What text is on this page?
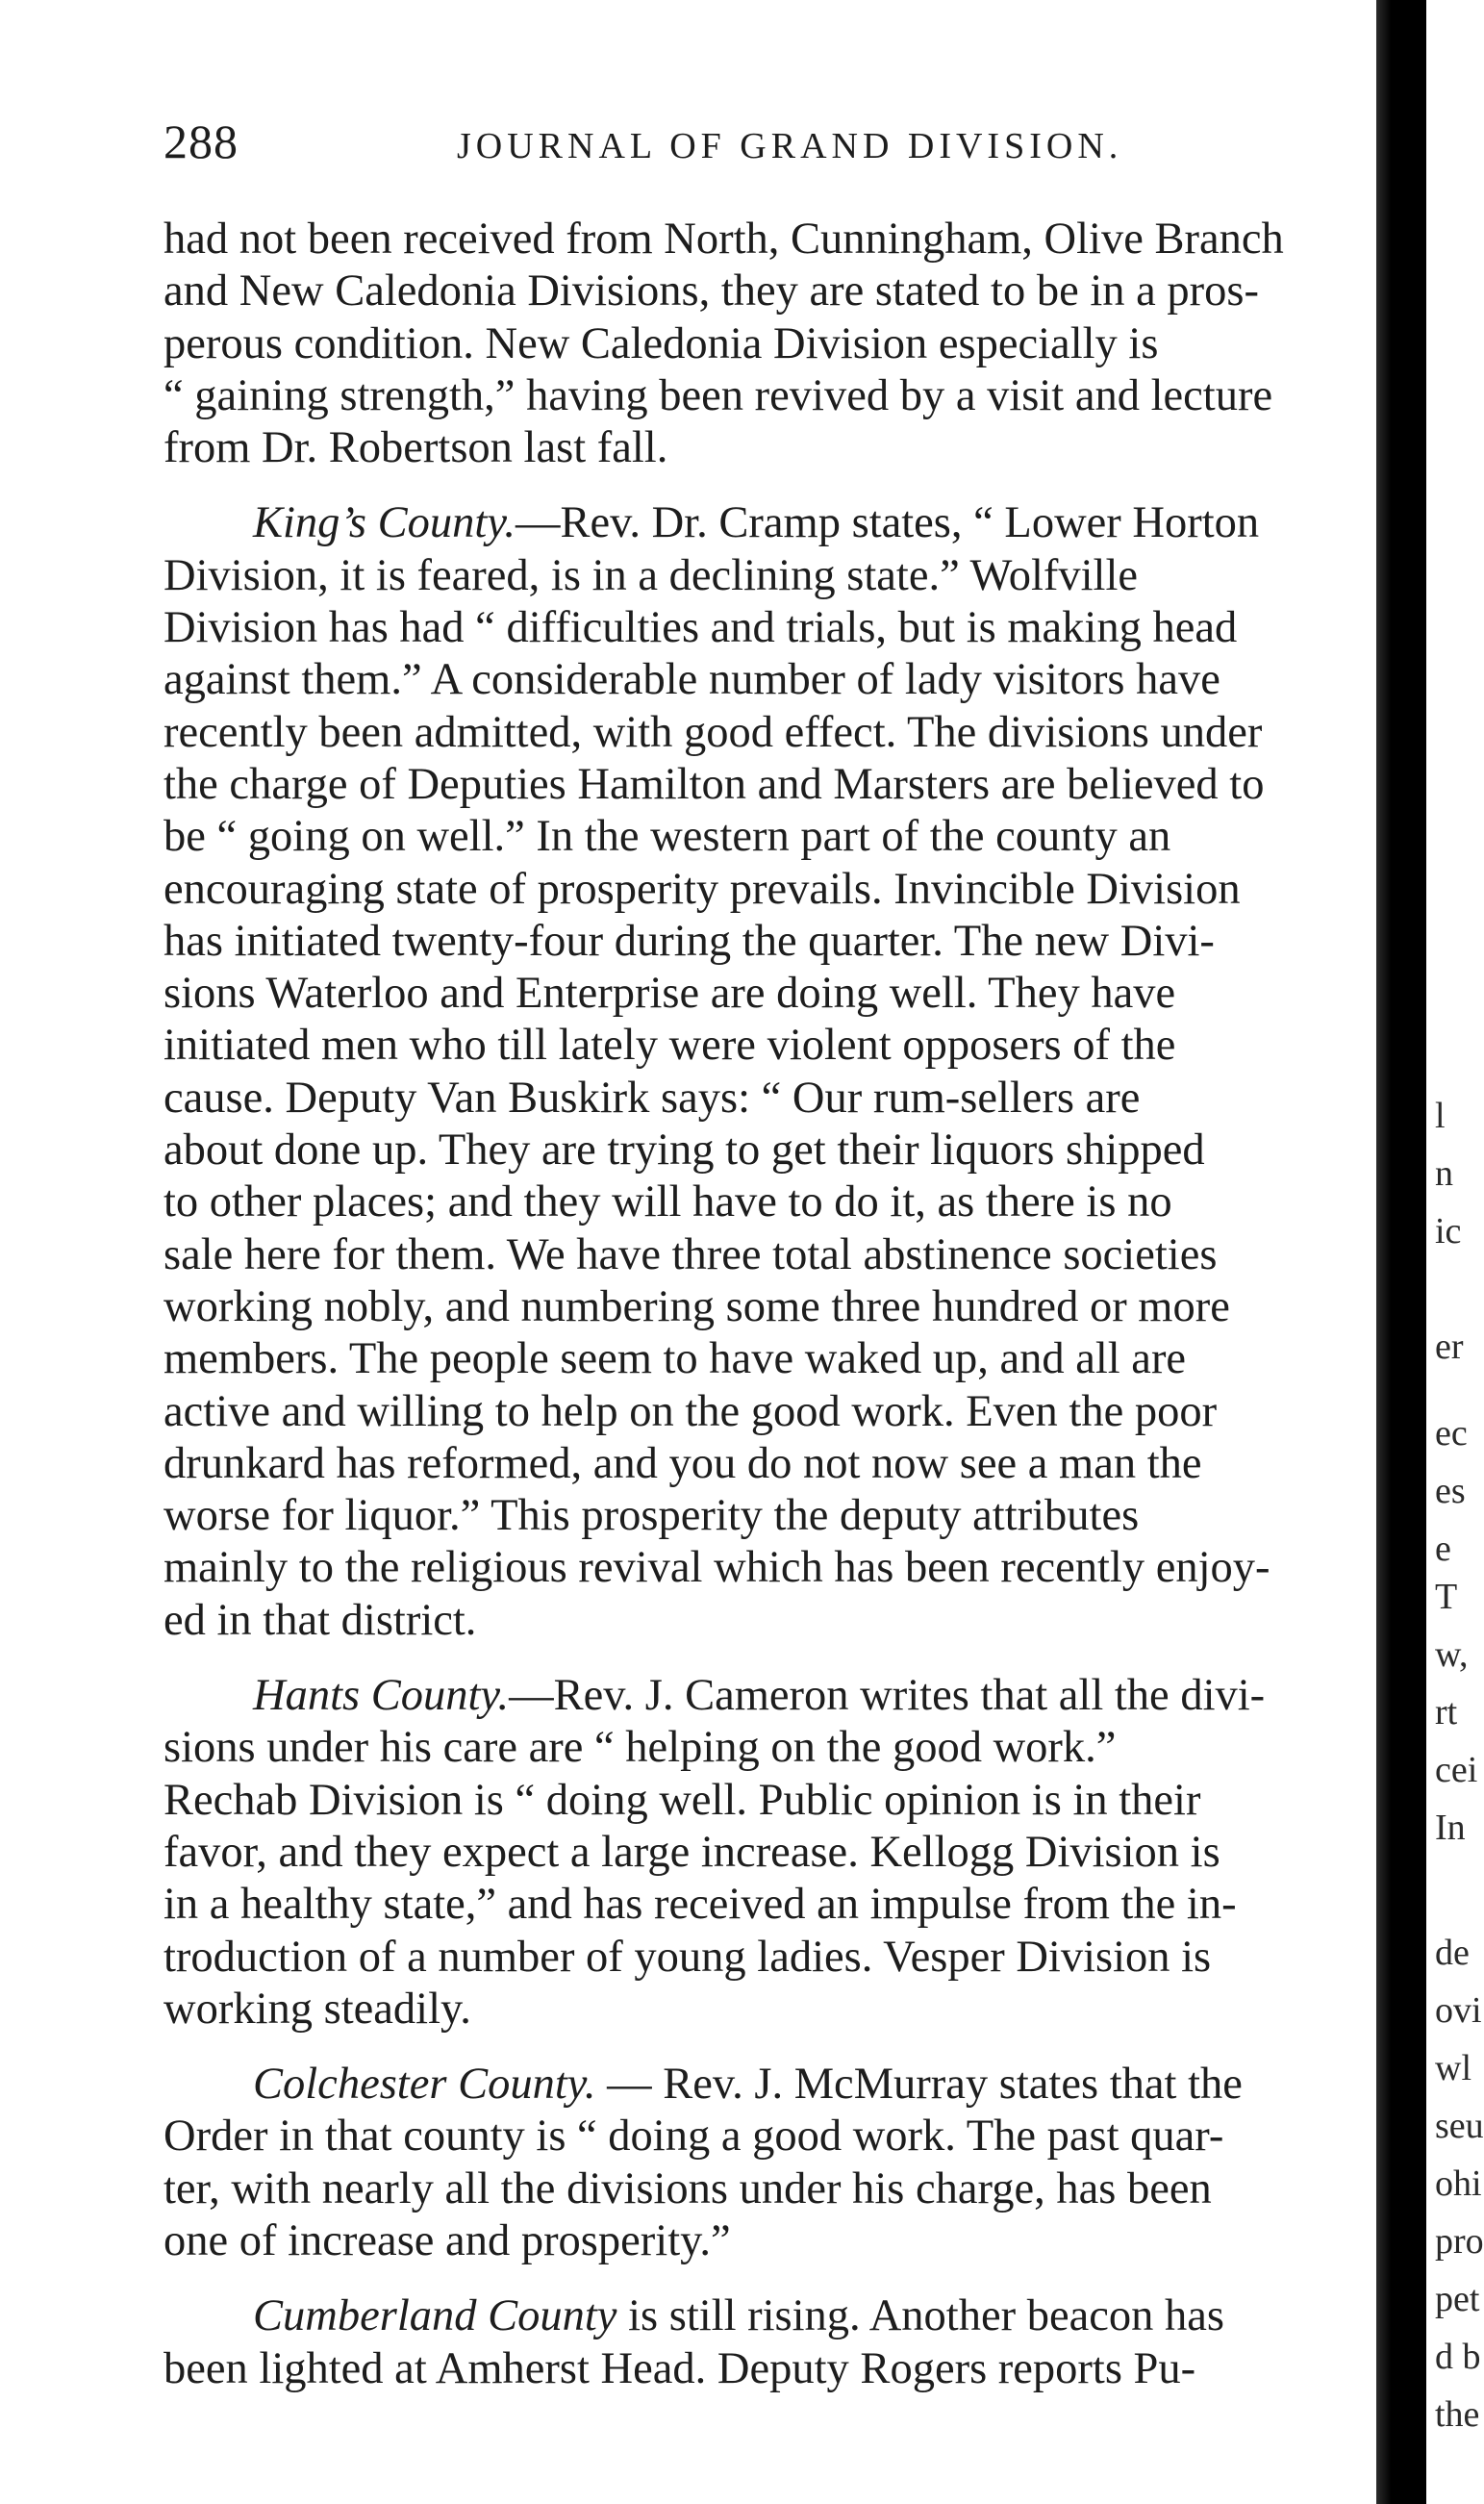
288	JOURNAL OF GRAND DIVISION.
had not been received from North, Cunningham, Olive Branch
and New Caledonia Divisions, they are stated to be in a pros-
perous condition. New Caledonia Division especially is
“ gaining strength,” having been revived by a visit and lecture
from Dr. Robertson last fall.
  King’s County.—Rev. Dr. Cramp states, “ Lower Horton
Division, it is feared, is in a declining state.” Wolfville
Division has had “ difficulties and trials, but is making head
against them.” A considerable number of lady visitors have
recently been admitted, with good effect. The divisions under
the charge of Deputies Hamilton and Marsters are believed to
be “ going on well.” In the western part of the county an
encouraging state of prosperity prevails. Invincible Division
has initiated twenty-four during the quarter. The new Divi-
sions Waterloo and Enterprise are doing well. They have
initiated men who till lately were violent opposers of the
cause. Deputy Van Buskirk says: “ Our rum-sellers are
about done up. They are trying to get their liquors shipped
to other places; and they will have to do it, as there is no
sale here for them. We have three total abstinence societies
working nobly, and numbering some three hundred or more
members. The people seem to have waked up, and all are
active and willing to help on the good work. Even the poor
drunkard has reformed, and you do not now see a man the
worse for liquor.” This prosperity the deputy attributes
mainly to the religious revival which has been recently enjoy-
ed in that district.
  Hants County.—Rev. J. Cameron writes that all the divi-
sions under his care are “ helping on the good work.”
Rechab Division is “ doing well. Public opinion is in their
favor, and they expect a large increase. Kellogg Division is
in a healthy state,” and has received an impulse from the in-
troduction of a number of young ladies. Vesper Division is
working steadily.
  Colchester County. — Rev. J. McMurray states that the
Order in that county is “ doing a good work. The past quar-
ter, with nearly all the divisions under his charge, has been
one of increase and prosperity.”
  Cumberland County is still rising. Another beacon has
been lighted at Amherst Head. Deputy Rogers reports Pu-
l
n
ic
er
ec
es
e
T
w,
rt
cei
In
de
ovi
wl
seu
ohi
pro
pet
d b
the
